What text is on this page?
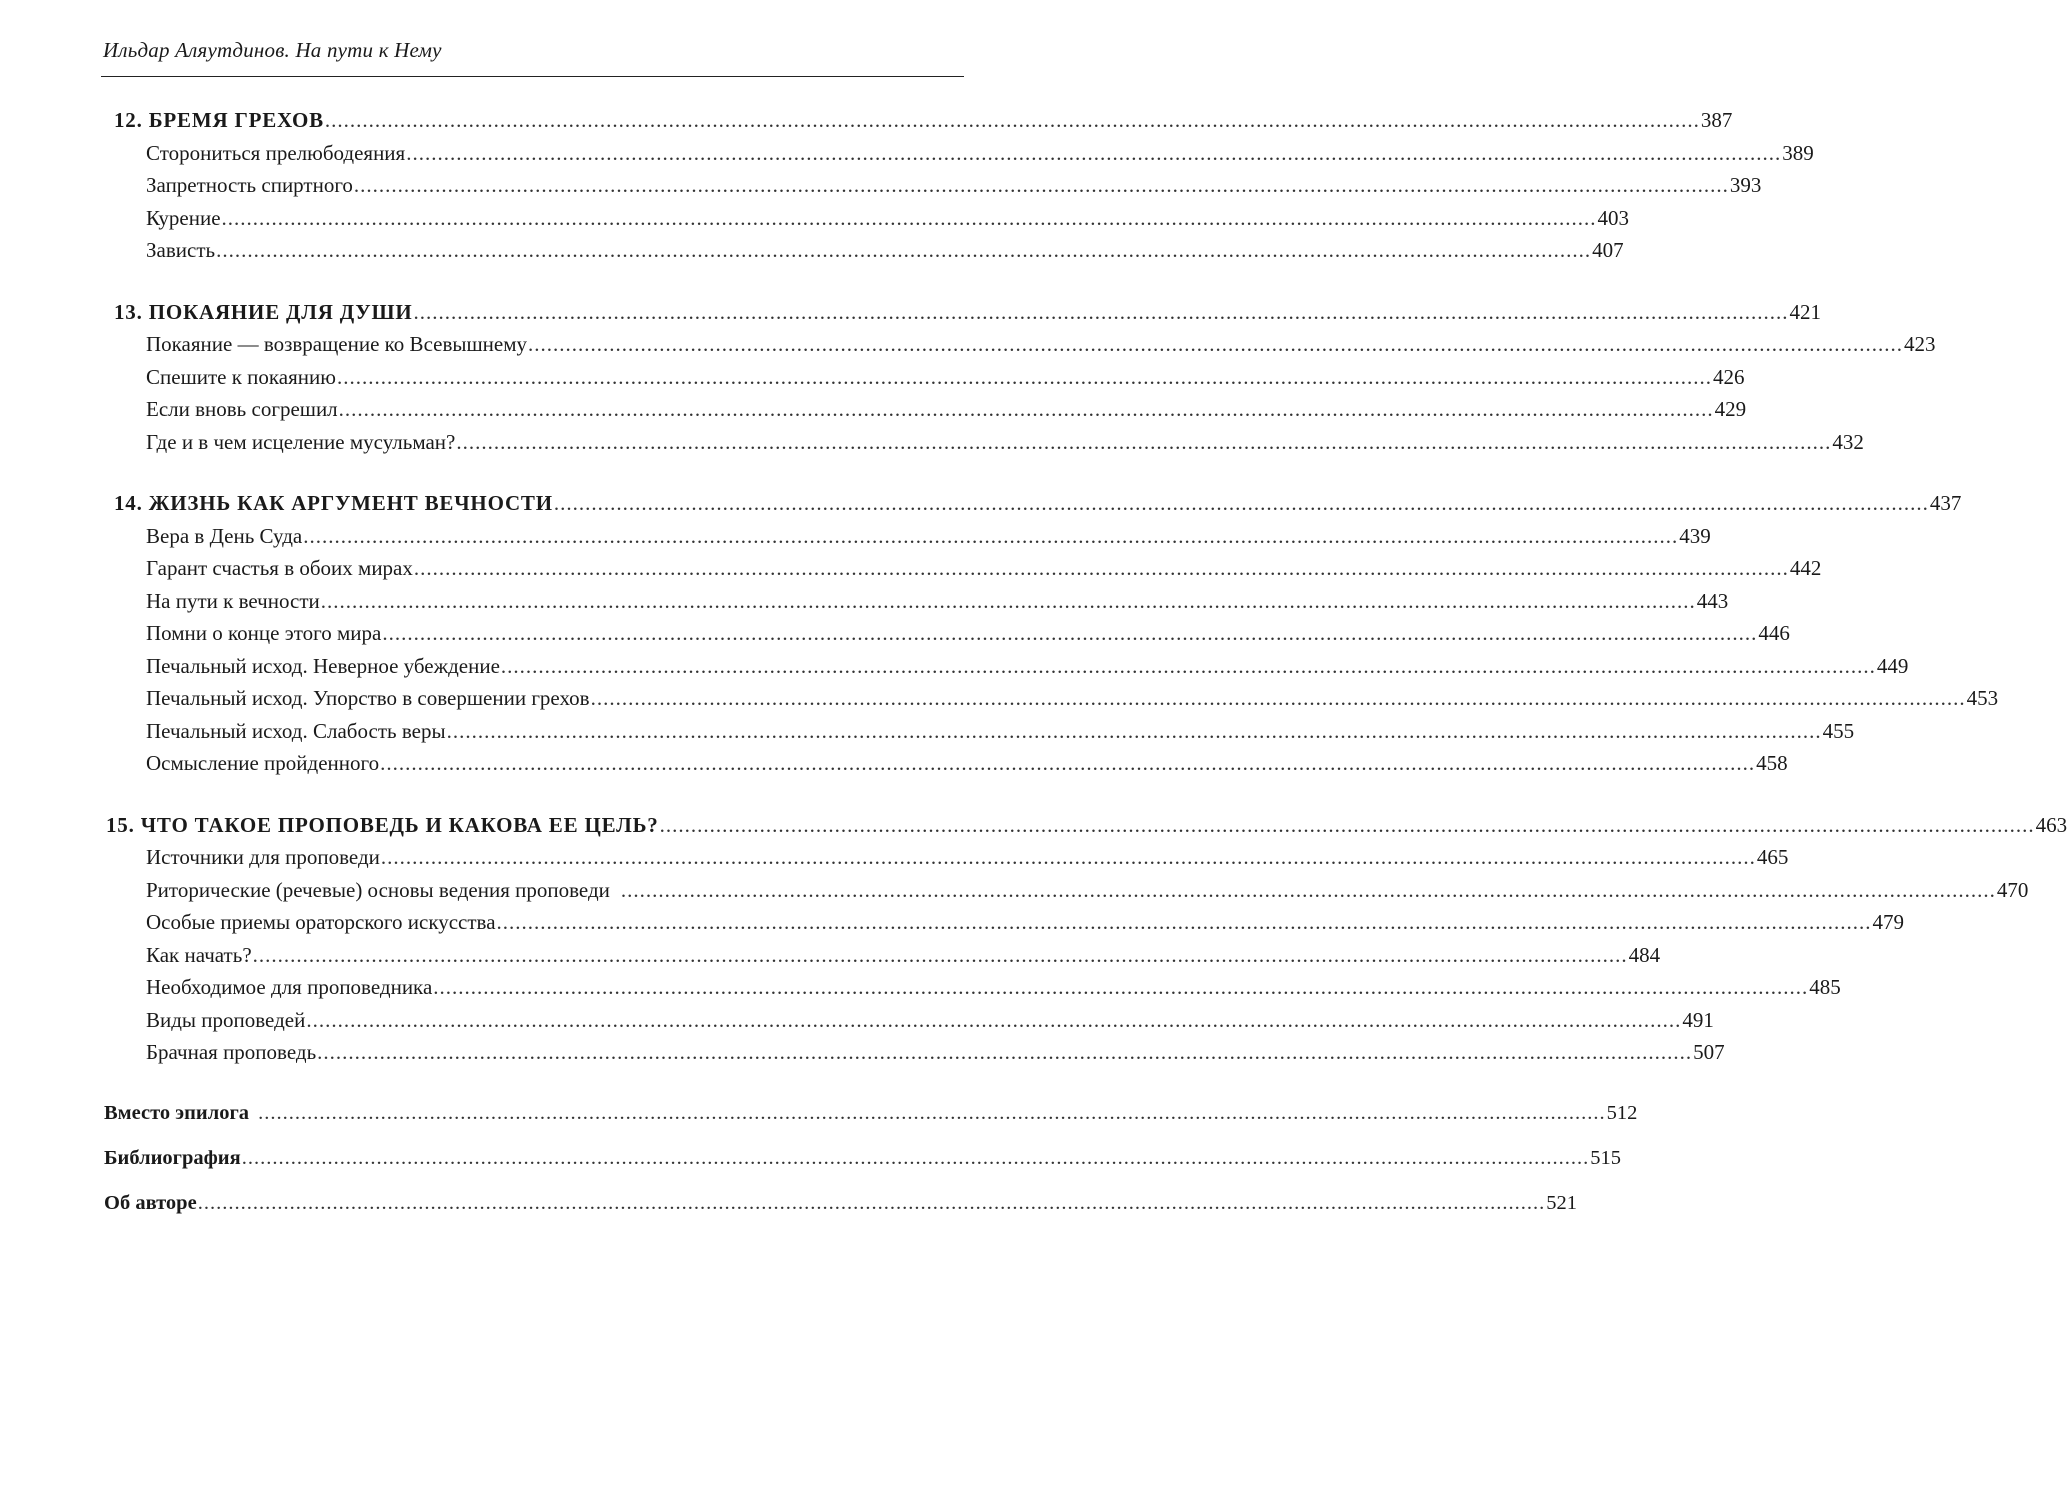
Ильдар Аляутдинов. На пути к Нему
12. БРЕМЯ ГРЕХОВ ............................................................................................................................................................................................................................ 387
Сторониться прелюбодеяния ............................................................................................................................................................................................................................ 389
Запретность спиртного ............................................................................................................................................................................................................................ 393
Курение ............................................................................................................................................................................................................................ 403
Зависть ............................................................................................................................................................................................................................ 407
13. ПОКАЯНИЕ ДЛЯ ДУШИ ............................................................................................................................................................................................................................ 421
Покаяние — возвращение ко Всевышнему ............................................................................................................................................................................................................................ 423
Спешите к покаянию ............................................................................................................................................................................................................................ 426
Если вновь согрешил ............................................................................................................................................................................................................................ 429
Где и в чем исцеление мусульман? ............................................................................................................................................................................................................................ 432
14. ЖИЗНЬ КАК АРГУМЕНТ ВЕЧНОСТИ ............................................................................................................................................................................................................................ 437
Вера в День Суда ............................................................................................................................................................................................................................ 439
Гарант счастья в обоих мирах ............................................................................................................................................................................................................................ 442
На пути к вечности ............................................................................................................................................................................................................................ 443
Помни о конце этого мира ............................................................................................................................................................................................................................ 446
Печальный исход. Неверное убеждение ............................................................................................................................................................................................................................ 449
Печальный исход. Упорство в совершении грехов ............................................................................................................................................................................................................................ 453
Печальный исход. Слабость веры ............................................................................................................................................................................................................................ 455
Осмысление пройденного ............................................................................................................................................................................................................................ 458
15. ЧТО ТАКОЕ ПРОПОВЕДЬ И КАКОВА ЕЕ ЦЕЛЬ? ............................................................................................................................................................................................................................ 463
Источники для проповеди ............................................................................................................................................................................................................................ 465
Риторические (речевые) основы ведения проповеди ............................................................................................................................................................................................................................ 470
Особые приемы ораторского искусства ............................................................................................................................................................................................................................ 479
Как начать? ............................................................................................................................................................................................................................ 484
Необходимое для проповедника ............................................................................................................................................................................................................................ 485
Виды проповедей ............................................................................................................................................................................................................................ 491
Брачная проповедь ............................................................................................................................................................................................................................ 507
Вместо эпилога ............................................................................................................................................................................................................................ 512
Библиография ............................................................................................................................................................................................................................ 515
Об авторе ............................................................................................................................................................................................................................ 521
